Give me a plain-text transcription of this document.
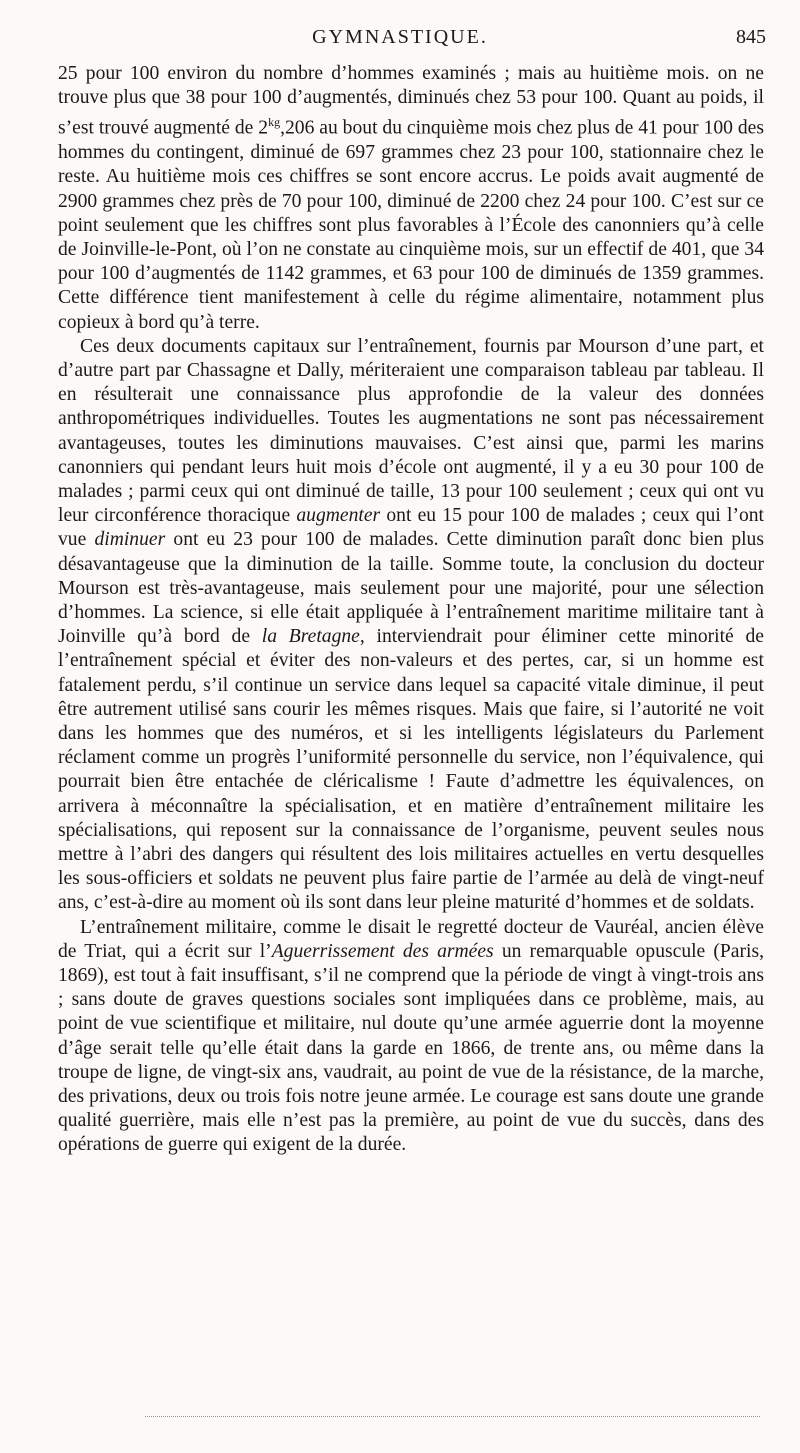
GYMNASTIQUE.	845

25 pour 100 environ du nombre d’hommes examinés ; mais au huitième mois. on ne trouve plus que 38 pour 100 d’augmentés, diminués chez 53 pour 100. Quant au poids, il s’est trouvé augmenté de $2^{kg},206$ au bout du cinquième mois chez plus de 41 pour 100 des hommes du contingent, diminué de 697 grammes chez 23 pour 100, stationnaire chez le reste. Au huitième mois ces chiffres se sont encore accrus. Le poids avait augmenté de 2900 grammes chez près de 70 pour 100, diminué de 2200 chez 24 pour 100. C’est sur ce point seulement que les chiffres sont plus favorables à l’École des canonniers qu’à celle de Joinville-le-Pont, où l’on ne constate au cinquième mois, sur un effectif de 401, que 34 pour 100 d’augmentés de 1142 grammes, et 63 pour 100 de diminués de 1359 grammes. Cette différence tient manifestement à celle du régime alimentaire, notamment plus copieux à bord qu’à terre.

Ces deux documents capitaux sur l’entraînement, fournis par Mourson d’une part, et d’autre part par Chassagne et Dally, mériteraient une comparaison tableau par tableau. Il en résulterait une connaissance plus approfondie de la valeur des données anthropométriques individuelles. Toutes les augmentations ne sont pas nécessairement avantageuses, toutes les diminutions mauvaises. C’est ainsi que, parmi les marins canonniers qui pendant leurs huit mois d’école ont augmenté, il y a eu 30 pour 100 de malades ; parmi ceux qui ont diminué de taille, 13 pour 100 seulement ; ceux qui ont vu leur circonférence thoracique augmenter ont eu 15 pour 100 de malades ; ceux qui l’ont vue diminuer ont eu 23 pour 100 de malades. Cette diminution paraît donc bien plus désavantageuse que la diminution de la taille. Somme toute, la conclusion du docteur Mourson est très-avantageuse, mais seulement pour une majorité, pour une sélection d’hommes. La science, si elle était appliquée à l’entraînement maritime militaire tant à Joinville qu’à bord de la Bretagne, interviendrait pour éliminer cette minorité de l’entraînement spécial et éviter des non-valeurs et des pertes, car, si un homme est fatalement perdu, s’il continue un service dans lequel sa capacité vitale diminue, il peut être autrement utilisé sans courir les mêmes risques. Mais que faire, si l’autorité ne voit dans les hommes que des numéros, et si les intelligents législateurs du Parlement réclament comme un progrès l’uniformité personnelle du service, non l’équivalence, qui pourrait bien être entachée de cléricalisme ! Faute d’admettre les équivalences, on arrivera à méconnaître la spécialisation, et en matière d’entraînement militaire les spécialisations, qui reposent sur la connaissance de l’organisme, peuvent seules nous mettre à l’abri des dangers qui résultent des lois militaires actuelles en vertu desquelles les sous-officiers et soldats ne peuvent plus faire partie de l’armée au delà de vingt-neuf ans, c’est-à-dire au moment où ils sont dans leur pleine maturité d’hommes et de soldats.

L’entraînement militaire, comme le disait le regretté docteur de Vauréal, ancien élève de Triat, qui a écrit sur l’Aguerrissement des armées un remarquable opuscule (Paris, 1869), est tout à fait insuffisant, s’il ne comprend que la période de vingt à vingt-trois ans ; sans doute de graves questions sociales sont impliquées dans ce problème, mais, au point de vue scientifique et militaire, nul doute qu’une armée aguerrie dont la moyenne d’âge serait telle qu’elle était dans la garde en 1866, de trente ans, ou même dans la troupe de ligne, de vingt-six ans, vaudrait, au point de vue de la résistance, de la marche, des privations, deux ou trois fois notre jeune armée. Le courage est sans doute une grande qualité guerrière, mais elle n’est pas la première, au point de vue du succès, dans des opérations de guerre qui exigent de la durée.
